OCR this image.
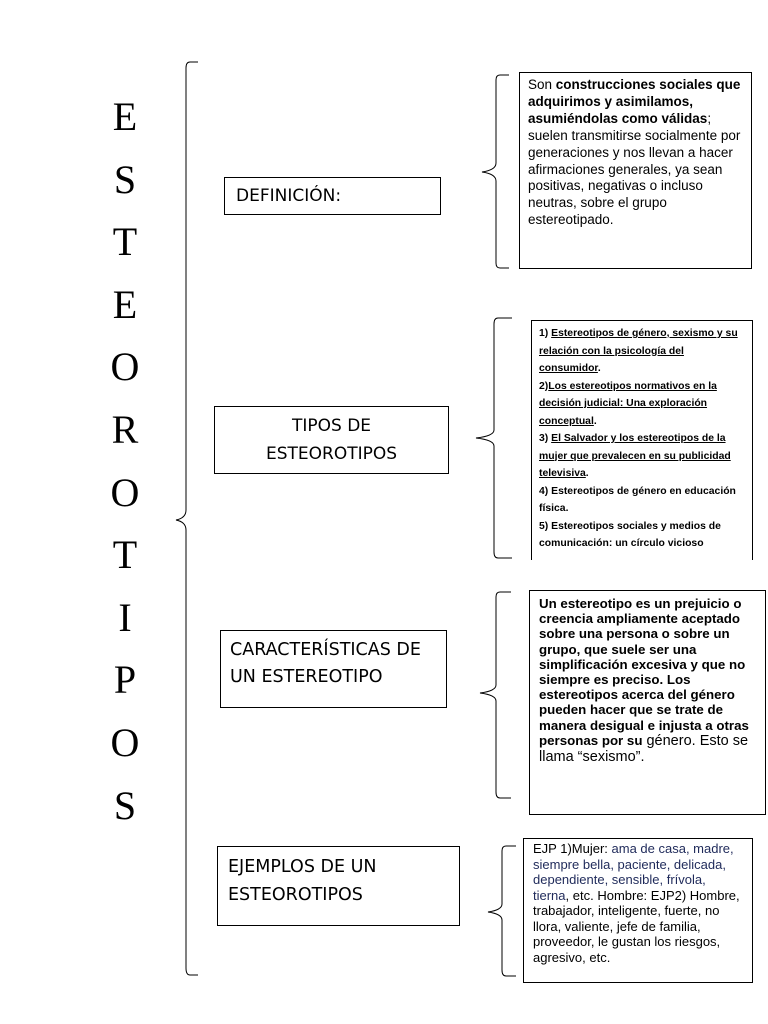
E
S
T
E
O
R
O
T
I
P
O
S
DEFINICIÓN:
Son construcciones sociales que adquirimos y asimilamos, asumiéndolas como válidas; suelen transmitirse socialmente por generaciones y nos llevan a hacer afirmaciones generales, ya sean positivas, negativas o incluso neutras, sobre el grupo estereotipado.
TIPOS DE
ESTEOROTIPOS
1) Estereotipos de género, sexismo y su relación con la psicología del consumidor.
2)Los estereotipos normativos en la decisión judicial: Una exploración conceptual.
3) El Salvador y los estereotipos de la mujer que prevalecen en su publicidad televisiva.
4) Estereotipos de género en educación física.
5) Estereotipos sociales y medios de comunicación: un círculo vicioso
CARACTERÍSTICAS DE
UN ESTEREOTIPO
Un estereotipo es un prejuicio o creencia ampliamente aceptado sobre una persona o sobre un grupo, que suele ser una simplificación excesiva y que no siempre es preciso. Los estereotipos acerca del género pueden hacer que se trate de manera desigual e injusta a otras personas por su género. Esto se llama “sexismo”.
EJEMPLOS DE UN
ESTEOROTIPOS
EJP 1)Mujer: ama de casa, madre, siempre bella, paciente, delicada, dependiente, sensible, frívola, tierna, etc. Hombre: EJP2) Hombre, trabajador, inteligente, fuerte, no llora, valiente, jefe de familia, proveedor, le gustan los riesgos, agresivo, etc.
